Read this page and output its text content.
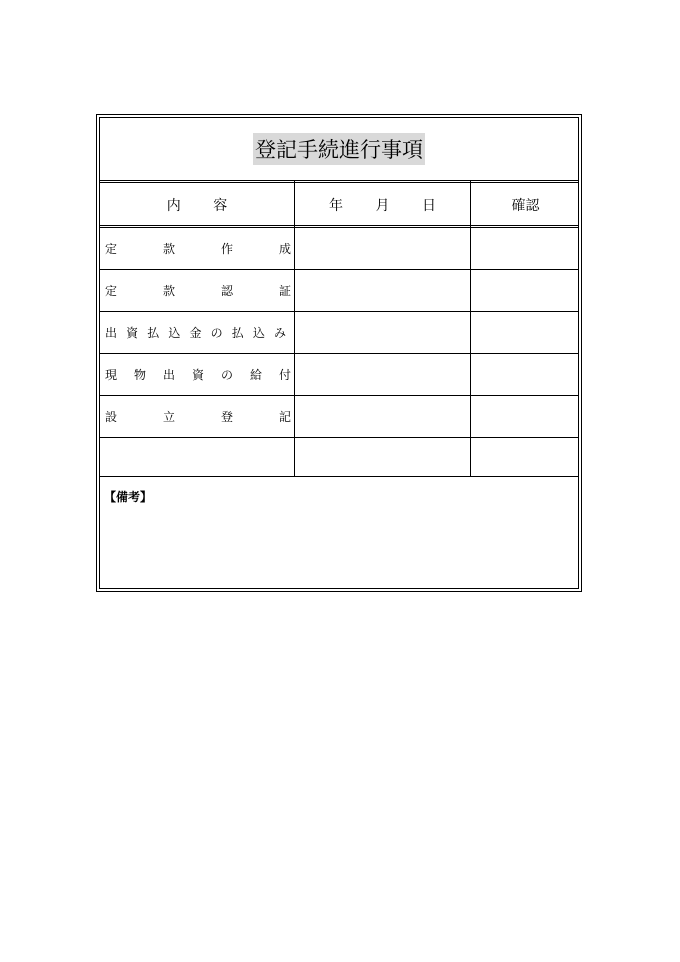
登記手続進行事項
内 容	年 月 日	確認
定 款 作 成
定 款 認 証
出 資 払 込 金 の 払 込 み
現 物 出 資 の 給 付
設 立 登 記
【備考】
